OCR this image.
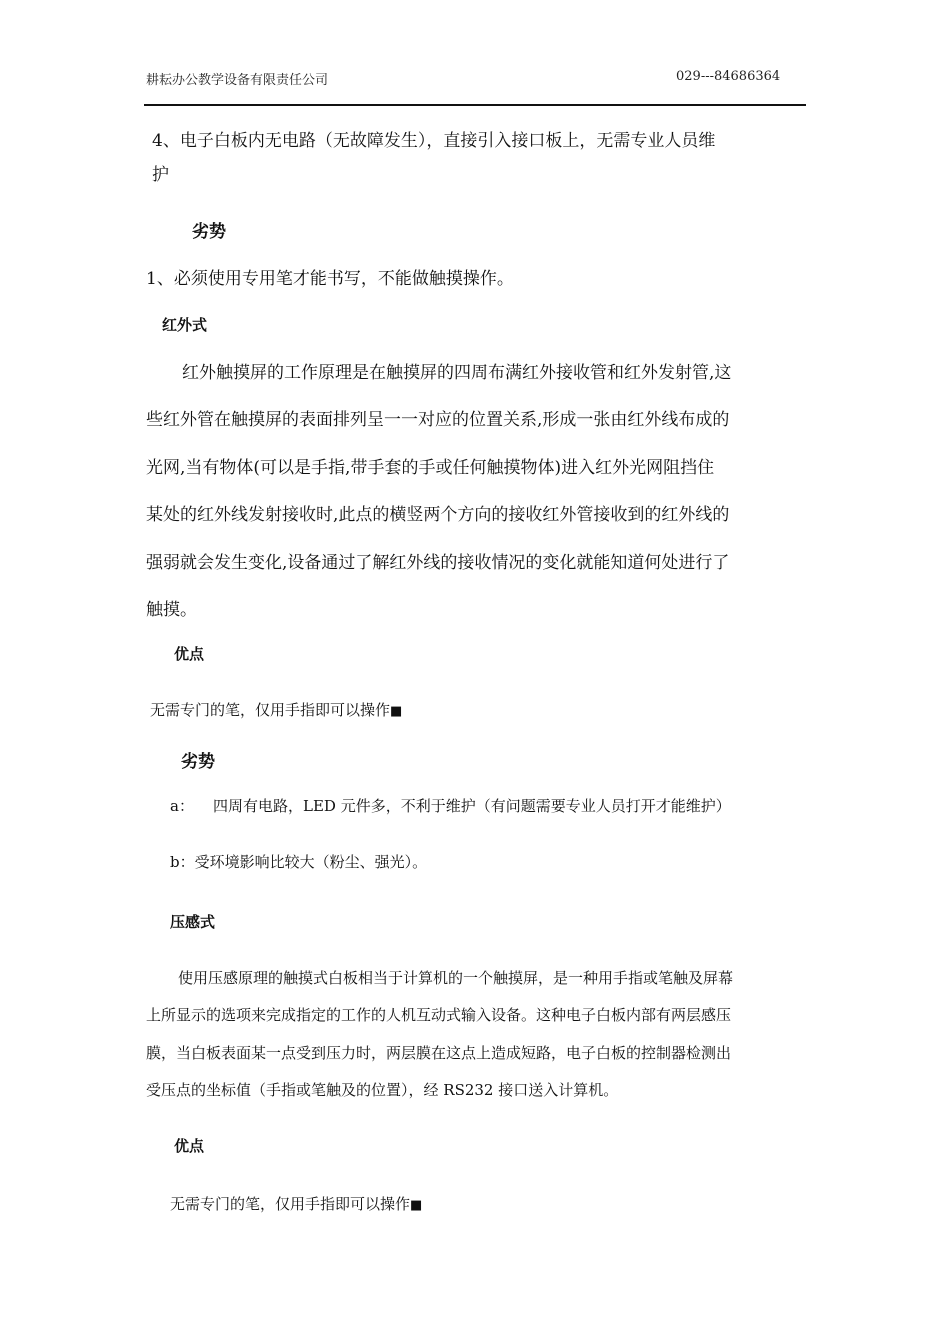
耕耘办公教学设备有限责任公司	029---84686364
4、电子白板内无电路（无故障发生），直接引入接口板上，无需专业人员维
护
劣势
1、必须使用专用笔才能书写，不能做触摸操作。
红外式
红外触摸屏的工作原理是在触摸屏的四周布满红外接收管和红外发射管,这
些红外管在触摸屏的表面排列呈一一对应的位置关系,形成一张由红外线布成的
光网,当有物体(可以是手指,带手套的手或任何触摸物体)进入红外光网阻挡住
某处的红外线发射接收时,此点的横竖两个方向的接收红外管接收到的红外线的
强弱就会发生变化,设备通过了解红外线的接收情况的变化就能知道何处进行了
触摸。
优点
无需专门的笔，仅用手指即可以操作■
劣势
a： 四周有电路，LED 元件多，不利于维护（有问题需要专业人员打开才能维护）
b：受环境影响比较大（粉尘、强光）。
压感式
使用压感原理的触摸式白板相当于计算机的一个触摸屏，是一种用手指或笔触及屏幕
上所显示的选项来完成指定的工作的人机互动式输入设备。这种电子白板内部有两层感压
膜，当白板表面某一点受到压力时，两层膜在这点上造成短路，电子白板的控制器检测出
受压点的坐标值（手指或笔触及的位置），经 RS232 接口送入计算机。
优点
无需专门的笔，仅用手指即可以操作■
